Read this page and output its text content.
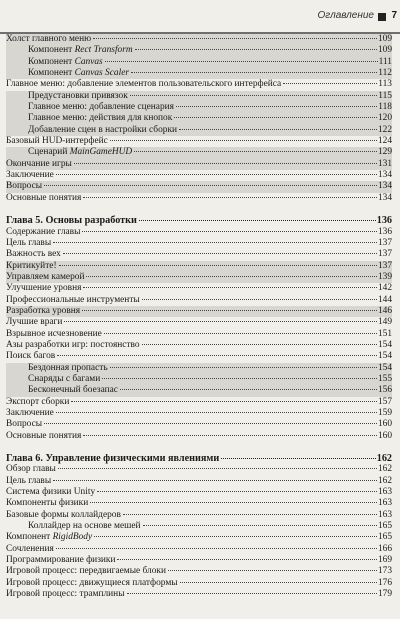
Оглавление 7
Холст главного меню	109
Компонент Rect Transform	109
Компонент Canvas	111
Компонент Canvas Scaler	112
Главное меню: добавление элементов пользовательского интерфейса	113
Предустановки привязок	115
Главное меню: добавление сценария	118
Главное меню: действия для кнопок	120
Добавление сцен в настройки сборки	122
Базовый HUD-интерфейс	124
Сценарий MainGameHUD	129
Окончание игры	131
Заключение	134
Вопросы	134
Основные понятия	134
Глава 5. Основы разработки	136
Содержание главы	136
Цель главы	137
Важность вех	137
Критикуйте!	137
Управляем камерой	139
Улучшение уровня	142
Профессиональные инструменты	144
Разработка уровня	146
Лучшие враги	149
Взрывное исчезновение	151
Азы разработки игр: постоянство	154
Поиск багов	154
Бездонная пропасть	154
Снаряды с багами	155
Бесконечный боезапас	156
Экспорт сборки	157
Заключение	159
Вопросы	160
Основные понятия	160
Глава 6. Управление физическими явлениями	162
Обзор главы	162
Цель главы	162
Система физики Unity	163
Компоненты физики	163
Базовые формы коллайдеров	163
Коллайдер на основе мешей	165
Компонент RigidBody	165
Сочленения	166
Программирование физики	169
Игровой процесс: передвигаемые блоки	173
Игровой процесс: движущиеся платформы	176
Игровой процесс: трамплины	179
